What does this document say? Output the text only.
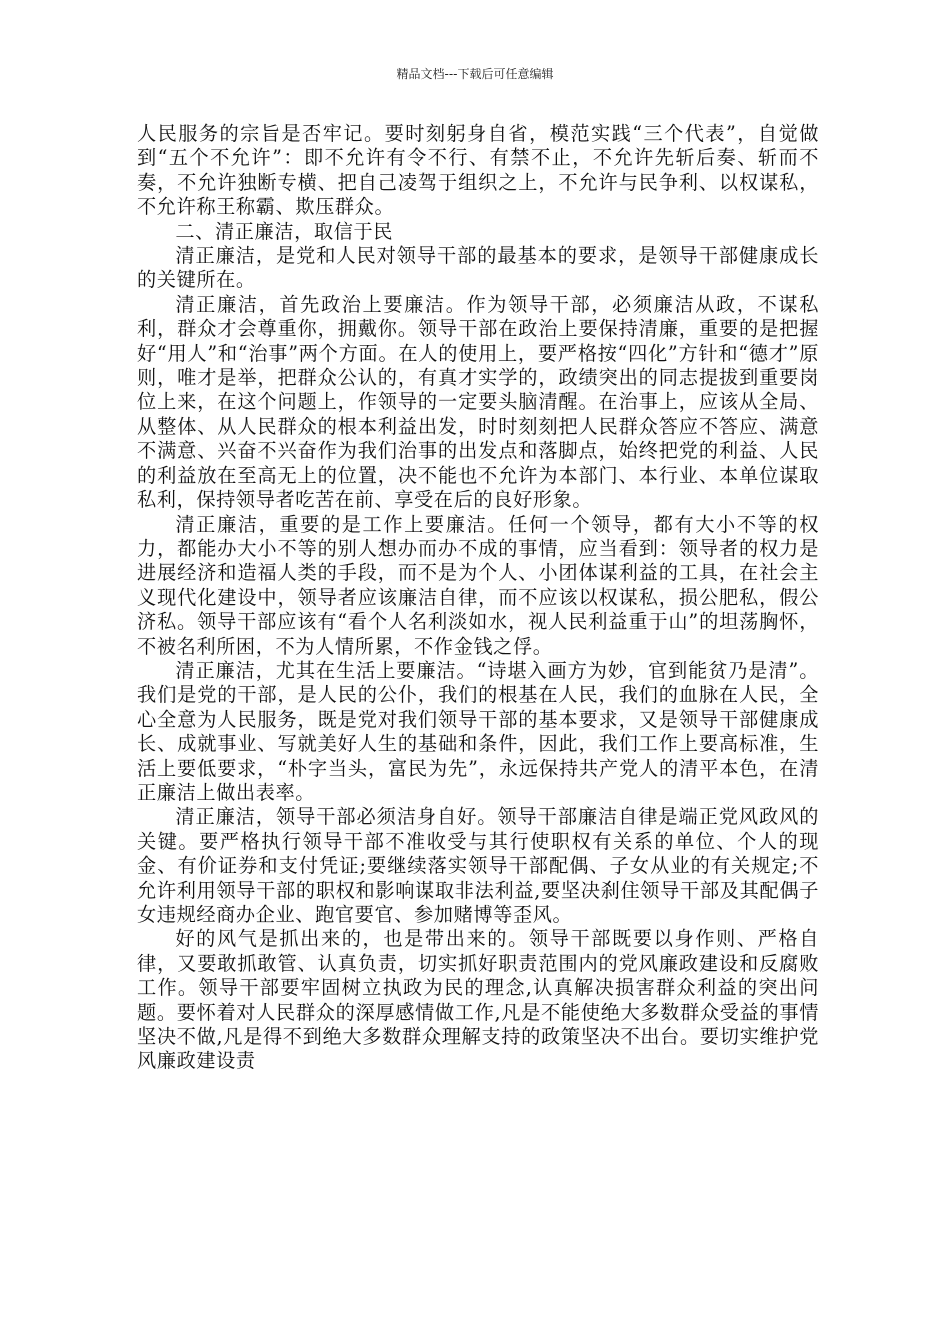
精品文档---下载后可任意编辑

人民服务的宗旨是否牢记。要时刻躬身自省，模范实践“三个代表”，自觉做到“五个不允许”：即不允许有令不行、有禁不止，不允许先斩后奏、斩而不奏，不允许独断专横、把自己凌驾于组织之上，不允许与民争利、以权谋私，不允许称王称霸、欺压群众。

二、清正廉洁，取信于民

清正廉洁，是党和人民对领导干部的最基本的要求，是领导干部健康成长的关键所在。

清正廉洁，首先政治上要廉洁。作为领导干部，必须廉洁从政，不谋私利，群众才会尊重你，拥戴你。领导干部在政治上要保持清廉，重要的是把握好“用人”和“治事”两个方面。在人的使用上，要严格按“四化”方针和“德才”原则，唯才是举，把群众公认的，有真才实学的，政绩突出的同志提拔到重要岗位上来，在这个问题上，作领导的一定要头脑清醒。在治事上，应该从全局、从整体、从人民群众的根本利益出发，时时刻刻把人民群众答应不答应、满意不满意、兴奋不兴奋作为我们治事的出发点和落脚点，始终把党的利益、人民的利益放在至高无上的位置，决不能也不允许为本部门、本行业、本单位谋取私利，保持领导者吃苦在前、享受在后的良好形象。

清正廉洁，重要的是工作上要廉洁。任何一个领导，都有大小不等的权力，都能办大小不等的别人想办而办不成的事情，应当看到：领导者的权力是进展经济和造福人类的手段，而不是为个人、小团体谋利益的工具，在社会主义现代化建设中，领导者应该廉洁自律，而不应该以权谋私，损公肥私，假公济私。领导干部应该有“看个人名利淡如水，视人民利益重于山”的坦荡胸怀，不被名利所困，不为人情所累，不作金钱之俘。

清正廉洁，尤其在生活上要廉洁。“诗堪入画方为妙，官到能贫乃是清”。我们是党的干部，是人民的公仆，我们的根基在人民，我们的血脉在人民，全心全意为人民服务，既是党对我们领导干部的基本要求，又是领导干部健康成长、成就事业、写就美好人生的基础和条件，因此，我们工作上要高标准，生活上要低要求，“朴字当头，富民为先”，永远保持共产党人的清平本色，在清正廉洁上做出表率。

清正廉洁，领导干部必须洁身自好。领导干部廉洁自律是端正党风政风的关键。要严格执行领导干部不准收受与其行使职权有关系的单位、个人的现金、有价证券和支付凭证;要继续落实领导干部配偶、子女从业的有关规定;不允许利用领导干部的职权和影响谋取非法利益,要坚决刹住领导干部及其配偶子女违规经商办企业、跑官要官、参加赌博等歪风。

好的风气是抓出来的，也是带出来的。领导干部既要以身作则、严格自律，又要敢抓敢管、认真负责，切实抓好职责范围内的党风廉政建设和反腐败工作。领导干部要牢固树立执政为民的理念,认真解决损害群众利益的突出问题。要怀着对人民群众的深厚感情做工作,凡是不能使绝大多数群众受益的事情坚决不做,凡是得不到绝大多数群众理解支持的政策坚决不出台。要切实维护党风廉政建设责
